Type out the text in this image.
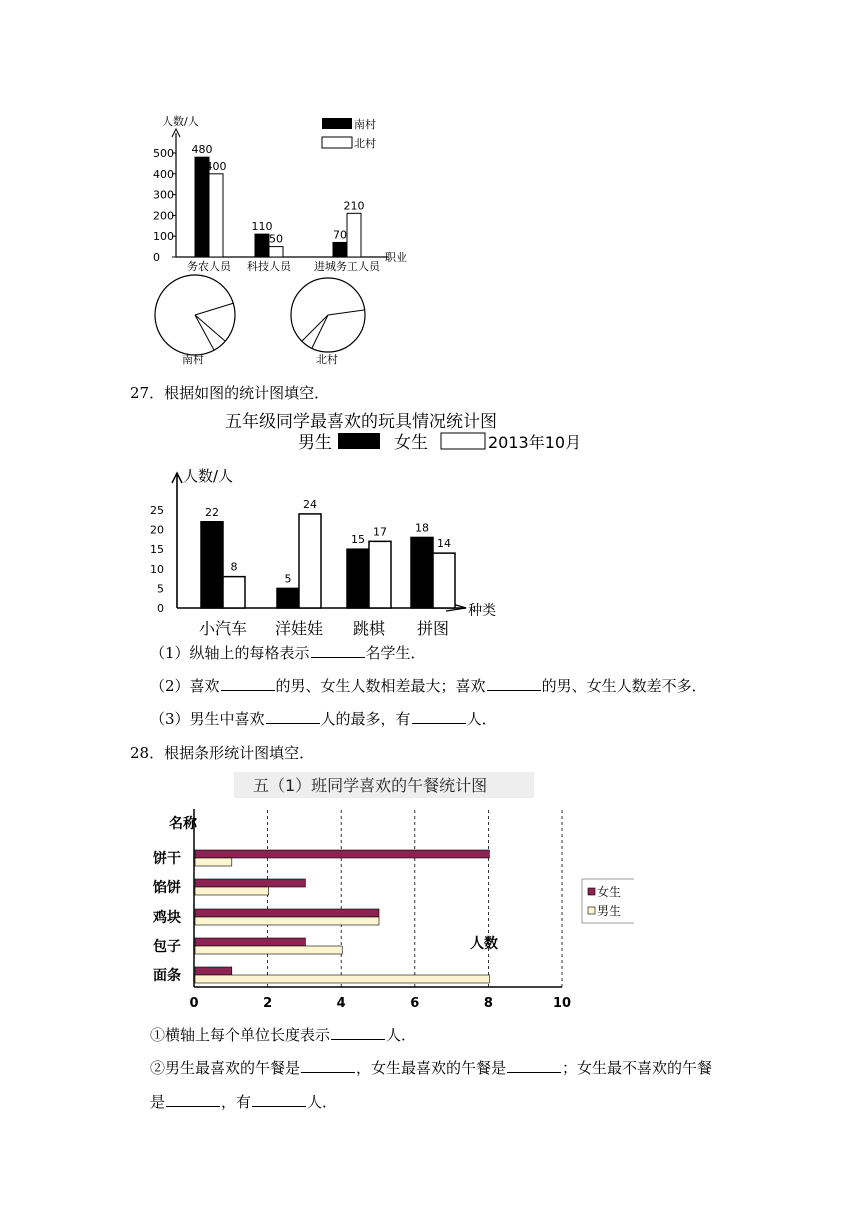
人数/人
职业
0
100
200
300
400
500 480
400
务农人员
110
50
科技人员
70
210
进城务工人员
南村
北村
南村	北村
27．根据如图的统计图填空．
五年级同学最喜欢的玩具情况统计图
男生	女生	2013年10月
人数/人
种类
0
5
10
15
20
25	22
8
小汽车
5
24
洋娃娃
15
17
跳棋
18
14
拼图
（1）纵轴上的每格表示	名学生．
（2）喜欢	的男、女生人数相差最大；喜欢	的男、女生人数差不多．
（3）男生中喜欢	人的最多，有	人．
28．根据条形统计图填空．
五（1）班同学喜欢的午餐统计图
名称
人数
0	2	4	6	8	10
饼干
馅饼
鸡块
包子
面条
女生
男生
①横轴上每个单位长度表示	人．
②男生最喜欢的午餐是	，女生最喜欢的午餐是	；女生最不喜欢的午餐
是	，有	人．
